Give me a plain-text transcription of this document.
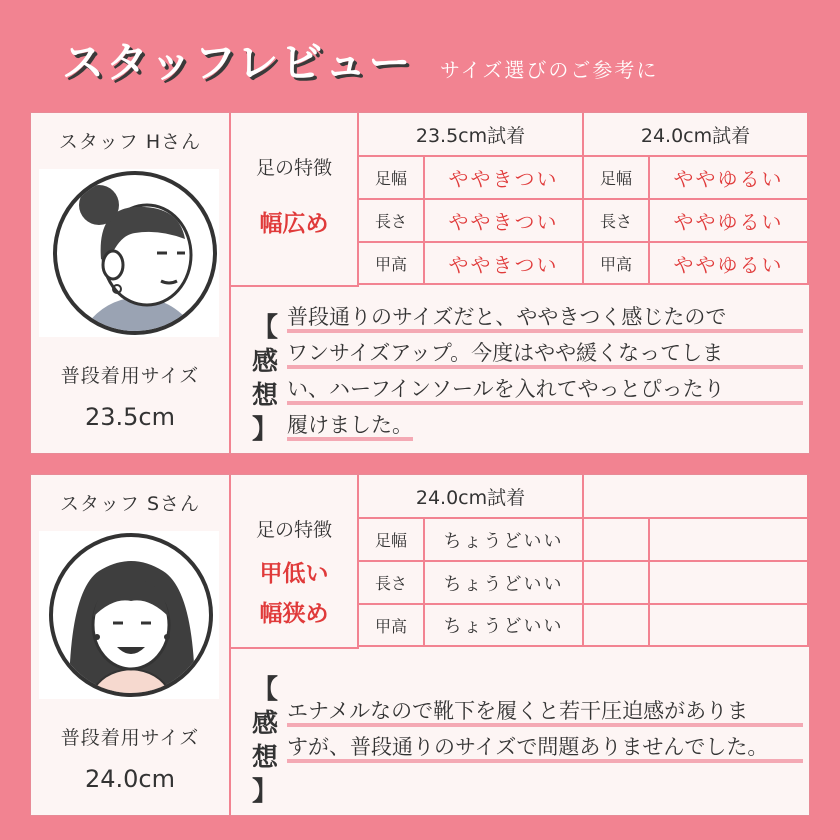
スタッフレビュー サイズ選びのご参考に
スタッフ Hさん
普段着用サイズ
23.5cm
足の特徴
幅広め
23.5cm試着	24.0cm試着
足幅	ややきつい	足幅	ややゆるい
長さ	ややきつい	長さ	ややゆるい
甲高	ややきつい	甲高	ややゆるい
【
感
想
】
普段通りのサイズだと、ややきつく感じたので
ワンサイズアップ。今度はやや緩くなってしま
い、ハーフインソールを入れてやっとぴったり
履けました。
スタッフ Sさん
普段着用サイズ
24.0cm
足の特徴
甲低い
幅狭め
24.0cm試着
足幅	ちょうどいい
長さ	ちょうどいい
甲高	ちょうどいい
【
感
想
】
エナメルなので靴下を履くと若干圧迫感がありま
すが、普段通りのサイズで問題ありませんでした。
